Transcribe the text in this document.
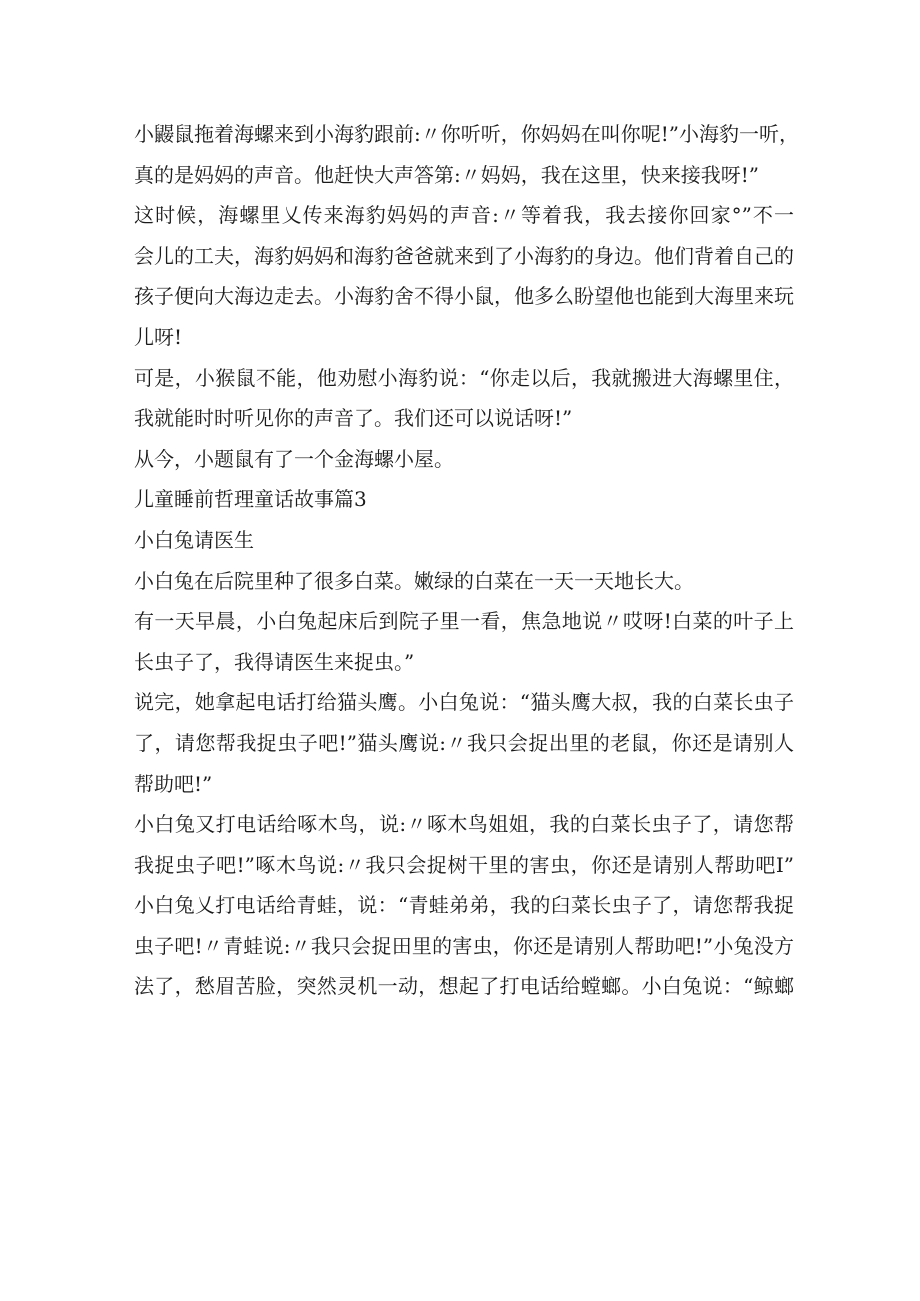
小鼹鼠拖着海螺来到小海豹跟前:〃你听听，你妈妈在叫你呢!”小海豹一听，
真的是妈妈的声音。他赶快大声答第:〃妈妈，我在这里，快来接我呀!”
这时候，海螺里乂传来海豹妈妈的声音:〃等着我，我去接你回家°”不一
会儿的工夫，海豹妈妈和海豹爸爸就来到了小海豹的身边。他们背着自己的
孩子便向大海边走去。小海豹舍不得小鼠，他多么盼望他也能到大海里来玩
儿呀!
可是，小猴鼠不能，他劝慰小海豹说：“你走以后，我就搬进大海螺里住，
我就能时时听见你的声音了。我们还可以说话呀!”
从今，小题鼠有了一个金海螺小屋。
儿童睡前哲理童话故事篇3
小白兔请医生
小白兔在后院里种了很多白菜。嫩绿的白菜在一天一天地长大。
有一天早晨，小白兔起床后到院子里一看，焦急地说〃哎呀!白菜的叶子上
长虫子了，我得请医生来捉虫。”
说完，她拿起电话打给猫头鹰。小白兔说：“猫头鹰大叔，我的白菜长虫子
了，请您帮我捉虫子吧!”猫头鹰说:〃我只会捉出里的老鼠，你还是请别人
帮助吧!”
小白兔又打电话给啄木鸟，说:〃啄木鸟姐姐，我的白菜长虫子了，请您帮
我捉虫子吧!”啄木鸟说:〃我只会捉树干里的害虫，你还是请别人帮助吧I”
小白兔乂打电话给青蛙，说：“青蛙弟弟，我的臼菜长虫子了，请您帮我捉
虫子吧!〃青蛙说:〃我只会捉田里的害虫，你还是请别人帮助吧!”小兔没方
法了，愁眉苦脸，突然灵机一动，想起了打电话给螳螂。小白兔说：“鲸螂
